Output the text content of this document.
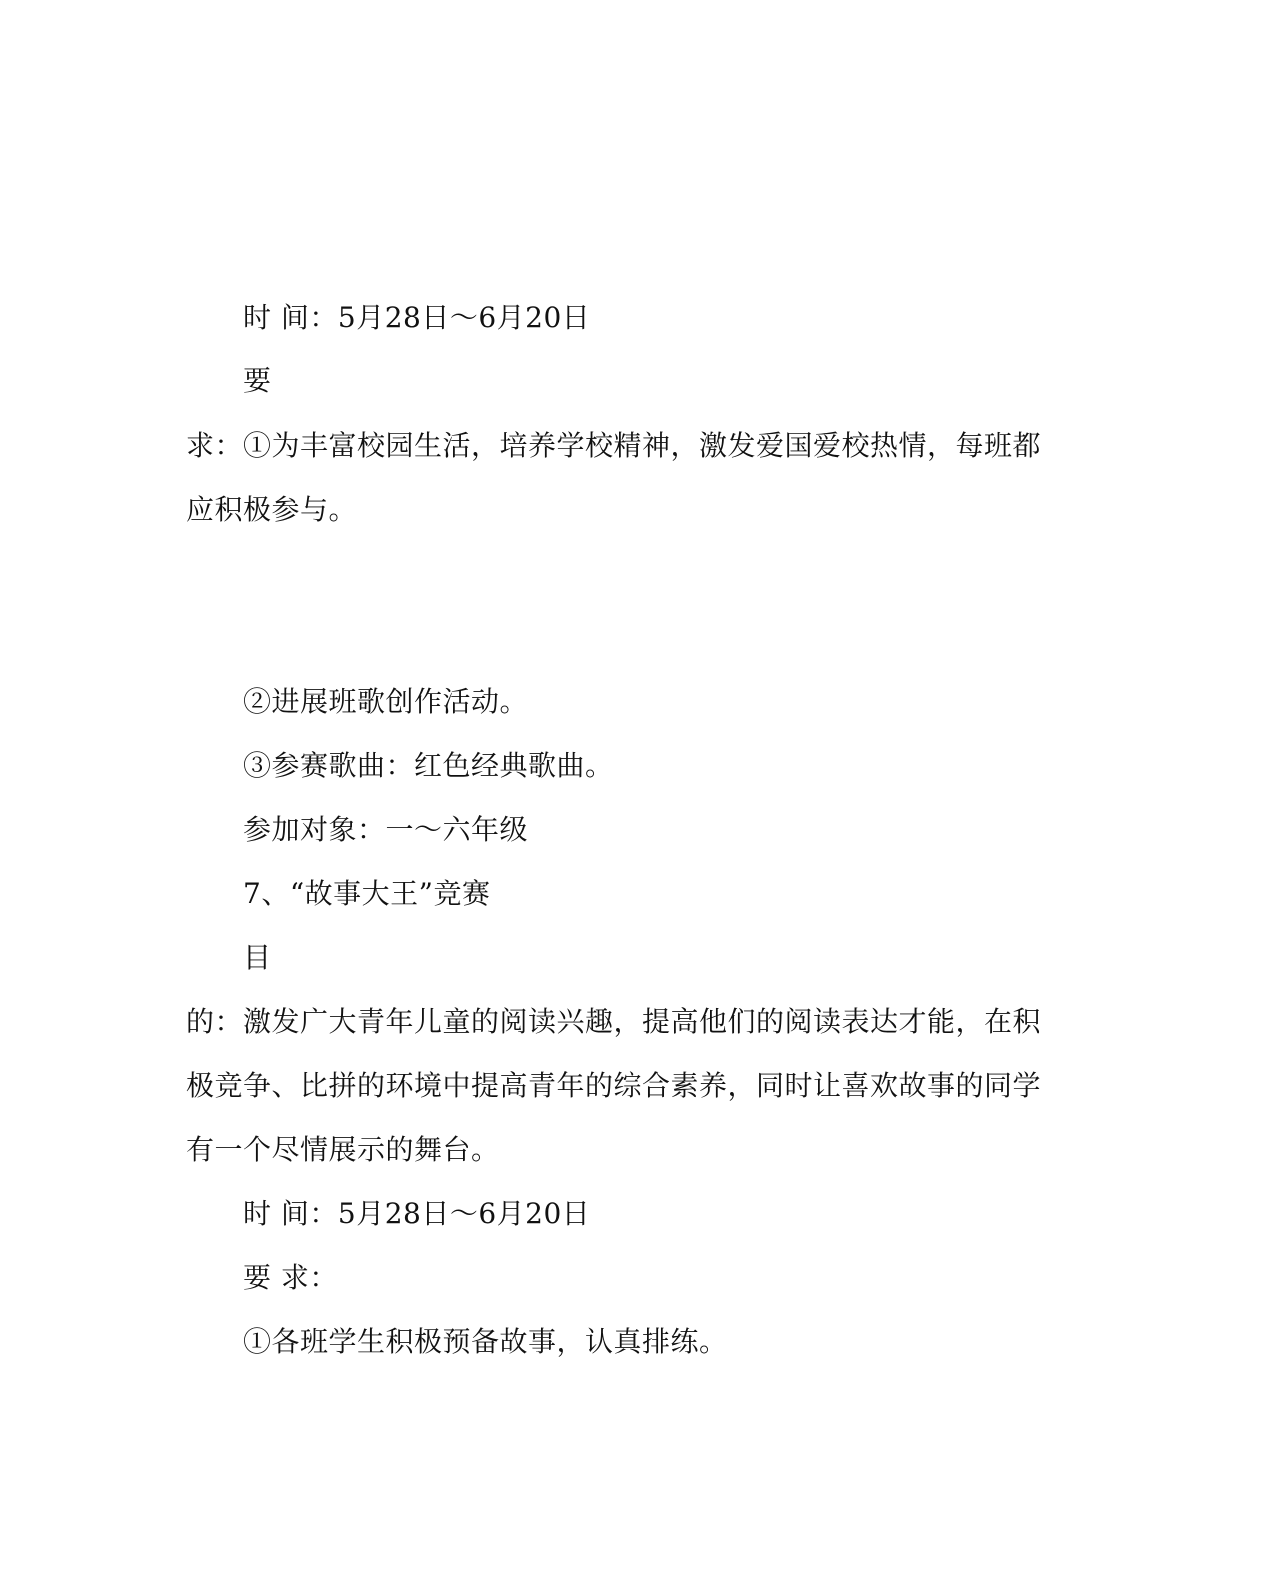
时 间：5月28日～6月20日
要
求：①为丰富校园生活，培养学校精神，激发爱国爱校热情，每班都
应积极参与。
②进展班歌创作活动。
③参赛歌曲：红色经典歌曲。
参加对象：一～六年级
7、“故事大王”竞赛
目
的：激发广大青年儿童的阅读兴趣，提高他们的阅读表达才能，在积
极竞争、比拼的环境中提高青年的综合素养，同时让喜欢故事的同学
有一个尽情展示的舞台。
时 间：5月28日～6月20日
要 求：
①各班学生积极预备故事，认真排练。
